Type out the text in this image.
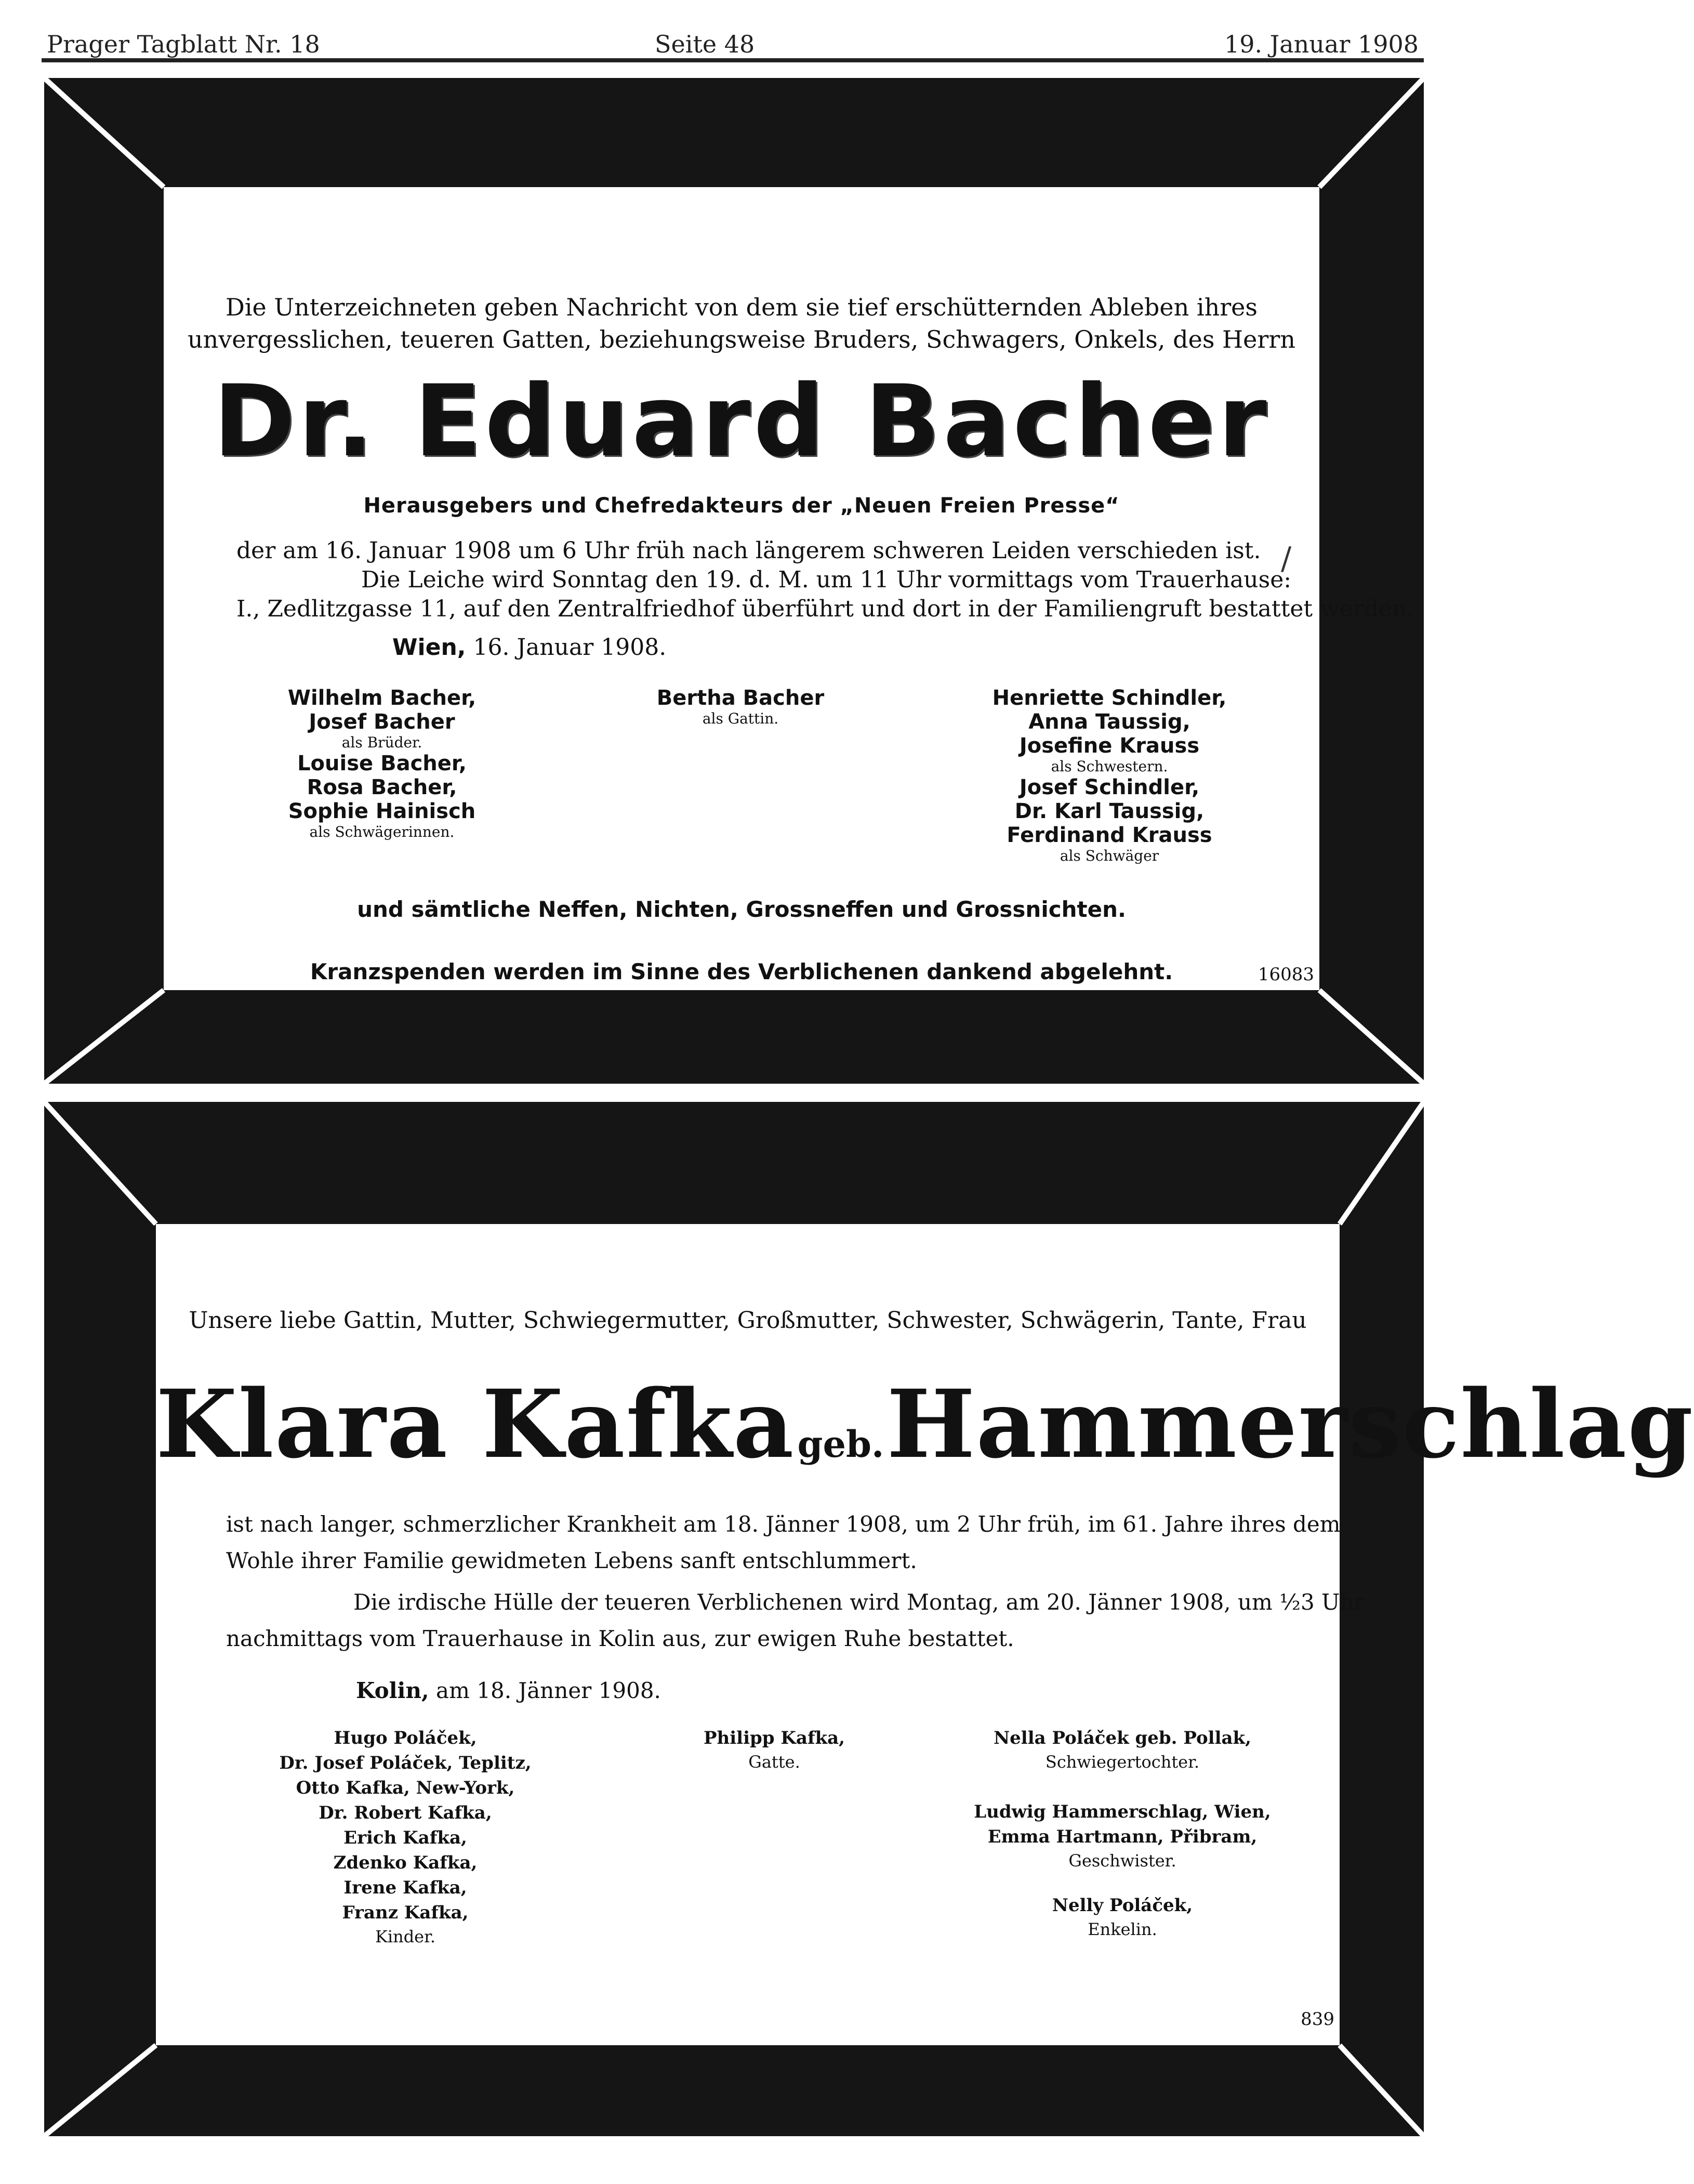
Prager Tagblatt Nr. 18	Seite 48	19. Januar 1908
Die Unterzeichneten geben Nachricht von dem sie tief erschütternden Ableben ihres
unvergesslichen, teueren Gatten, beziehungsweise Bruders, Schwagers, Onkels, des Herrn
Dr. Eduard Bacher
Herausgebers und Chefredakteurs der „Neuen Freien Presse“
der am 16. Januar 1908 um 6 Uhr früh nach längerem schweren Leiden verschieden ist.
Die Leiche wird Sonntag den 19. d. M. um 11 Uhr vormittags vom Trauerhause:
I., Zedlitzgasse 11, auf den Zentralfriedhof überführt und dort in der Familiengruft bestattet werden.
Wien, 16. Januar 1908.
Wilhelm Bacher,
Josef Bacher
als Brüder.
Louise Bacher,
Rosa Bacher,
Sophie Hainisch
als Schwägerinnen.
Bertha Bacher
als Gattin.
Henriette Schindler,
Anna Taussig,
Josefine Krauss
als Schwestern.
Josef Schindler,
Dr. Karl Taussig,
Ferdinand Krauss
als Schwäger
und sämtliche Neffen, Nichten, Grossneffen und Grossnichten.
Kranzspenden werden im Sinne des Verblichenen dankend abgelehnt.
/
16083
Unsere liebe Gattin, Mutter, Schwiegermutter, Großmutter, Schwester, Schwägerin, Tante, Frau
Klara Kafka geb. Hammerschlag
ist nach langer, schmerzlicher Krankheit am 18. Jänner 1908, um 2 Uhr früh, im 61. Jahre ihres dem
Wohle ihrer Familie gewidmeten Lebens sanft entschlummert.
Die irdische Hülle der teueren Verblichenen wird Montag, am 20. Jänner 1908, um ½3 Uhr
nachmittags vom Trauerhause in Kolin aus, zur ewigen Ruhe bestattet.
Kolin, am 18. Jänner 1908.
Hugo Poláček,
Dr. Josef Poláček, Teplitz,
Otto Kafka, New-York,
Dr. Robert Kafka,
Erich Kafka,
Zdenko Kafka,
Irene Kafka,
Franz Kafka,
Kinder.
Philipp Kafka,
Gatte.
Nella Poláček geb. Pollak,
Schwiegertochter.
Ludwig Hammerschlag, Wien,
Emma Hartmann, Přibram,
Geschwister.
Nelly Poláček,
Enkelin.
839
